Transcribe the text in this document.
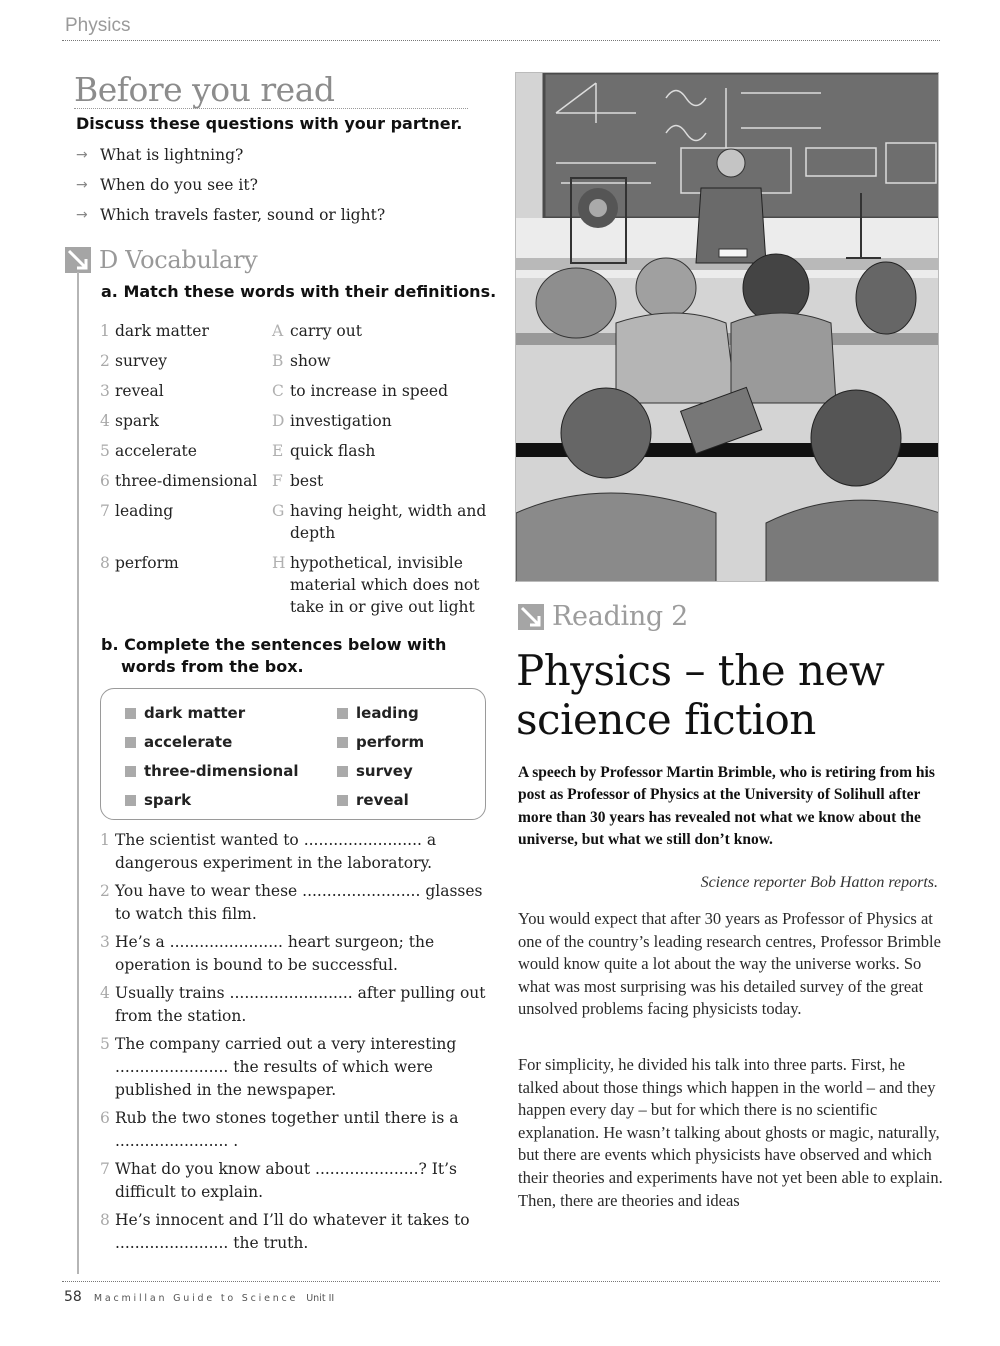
Physics
Before you read
Discuss these questions with your partner.
→ What is lightning?
→ When do you see it?
→ Which travels faster, sound or light?
D Vocabulary
a. Match these words with their definitions.
1 dark matter	A carry out
2 survey	B show
3 reveal	C to increase in speed
4 spark	D investigation
5 accelerate	E quick flash
6 three-dimensional F best
7 leading	G having height, width and depth
8 perform	H hypothetical, invisible material which does not take in or give out light
b. Complete the sentences below with words from the box.
dark matter	leading
accelerate	perform
three-dimensional	survey
spark	reveal
1 The scientist wanted to ........................ a dangerous experiment in the laboratory.
2 You have to wear these ........................ glasses to watch this film.
3 He’s a ....................... heart surgeon; the operation is bound to be successful.
4 Usually trains ......................... after pulling out from the station.
5 The company carried out a very interesting ....................... the results of which were published in the newspaper.
6 Rub the two stones together until there is a ....................... .
7 What do you know about .....................? It’s difficult to explain.
8 He’s innocent and I’ll do whatever it takes to ....................... the truth.
Reading 2
Physics – the new science fiction
A speech by Professor Martin Brimble, who is retiring from his post as Professor of Physics at the University of Solihull after more than 30 years has revealed not what we know about the universe, but what we still don’t know.
Science reporter Bob Hatton reports.

You would expect that after 30 years as Professor of Physics at one of the country’s leading research centres, Professor Brimble would know quite a lot about the way the universe works. So what was most surprising was his detailed survey of the great unsolved problems facing physicists today.

For simplicity, he divided his talk into three parts. First, he talked about those things which happen in the world – and they happen every day – but for which there is no scientific explanation. He wasn’t talking about ghosts or magic, naturally, but there are events which physicists have observed and which their theories and experiments have not yet been able to explain. Then, there are theories and ideas

58 Macmillan Guide to Science Unit II
